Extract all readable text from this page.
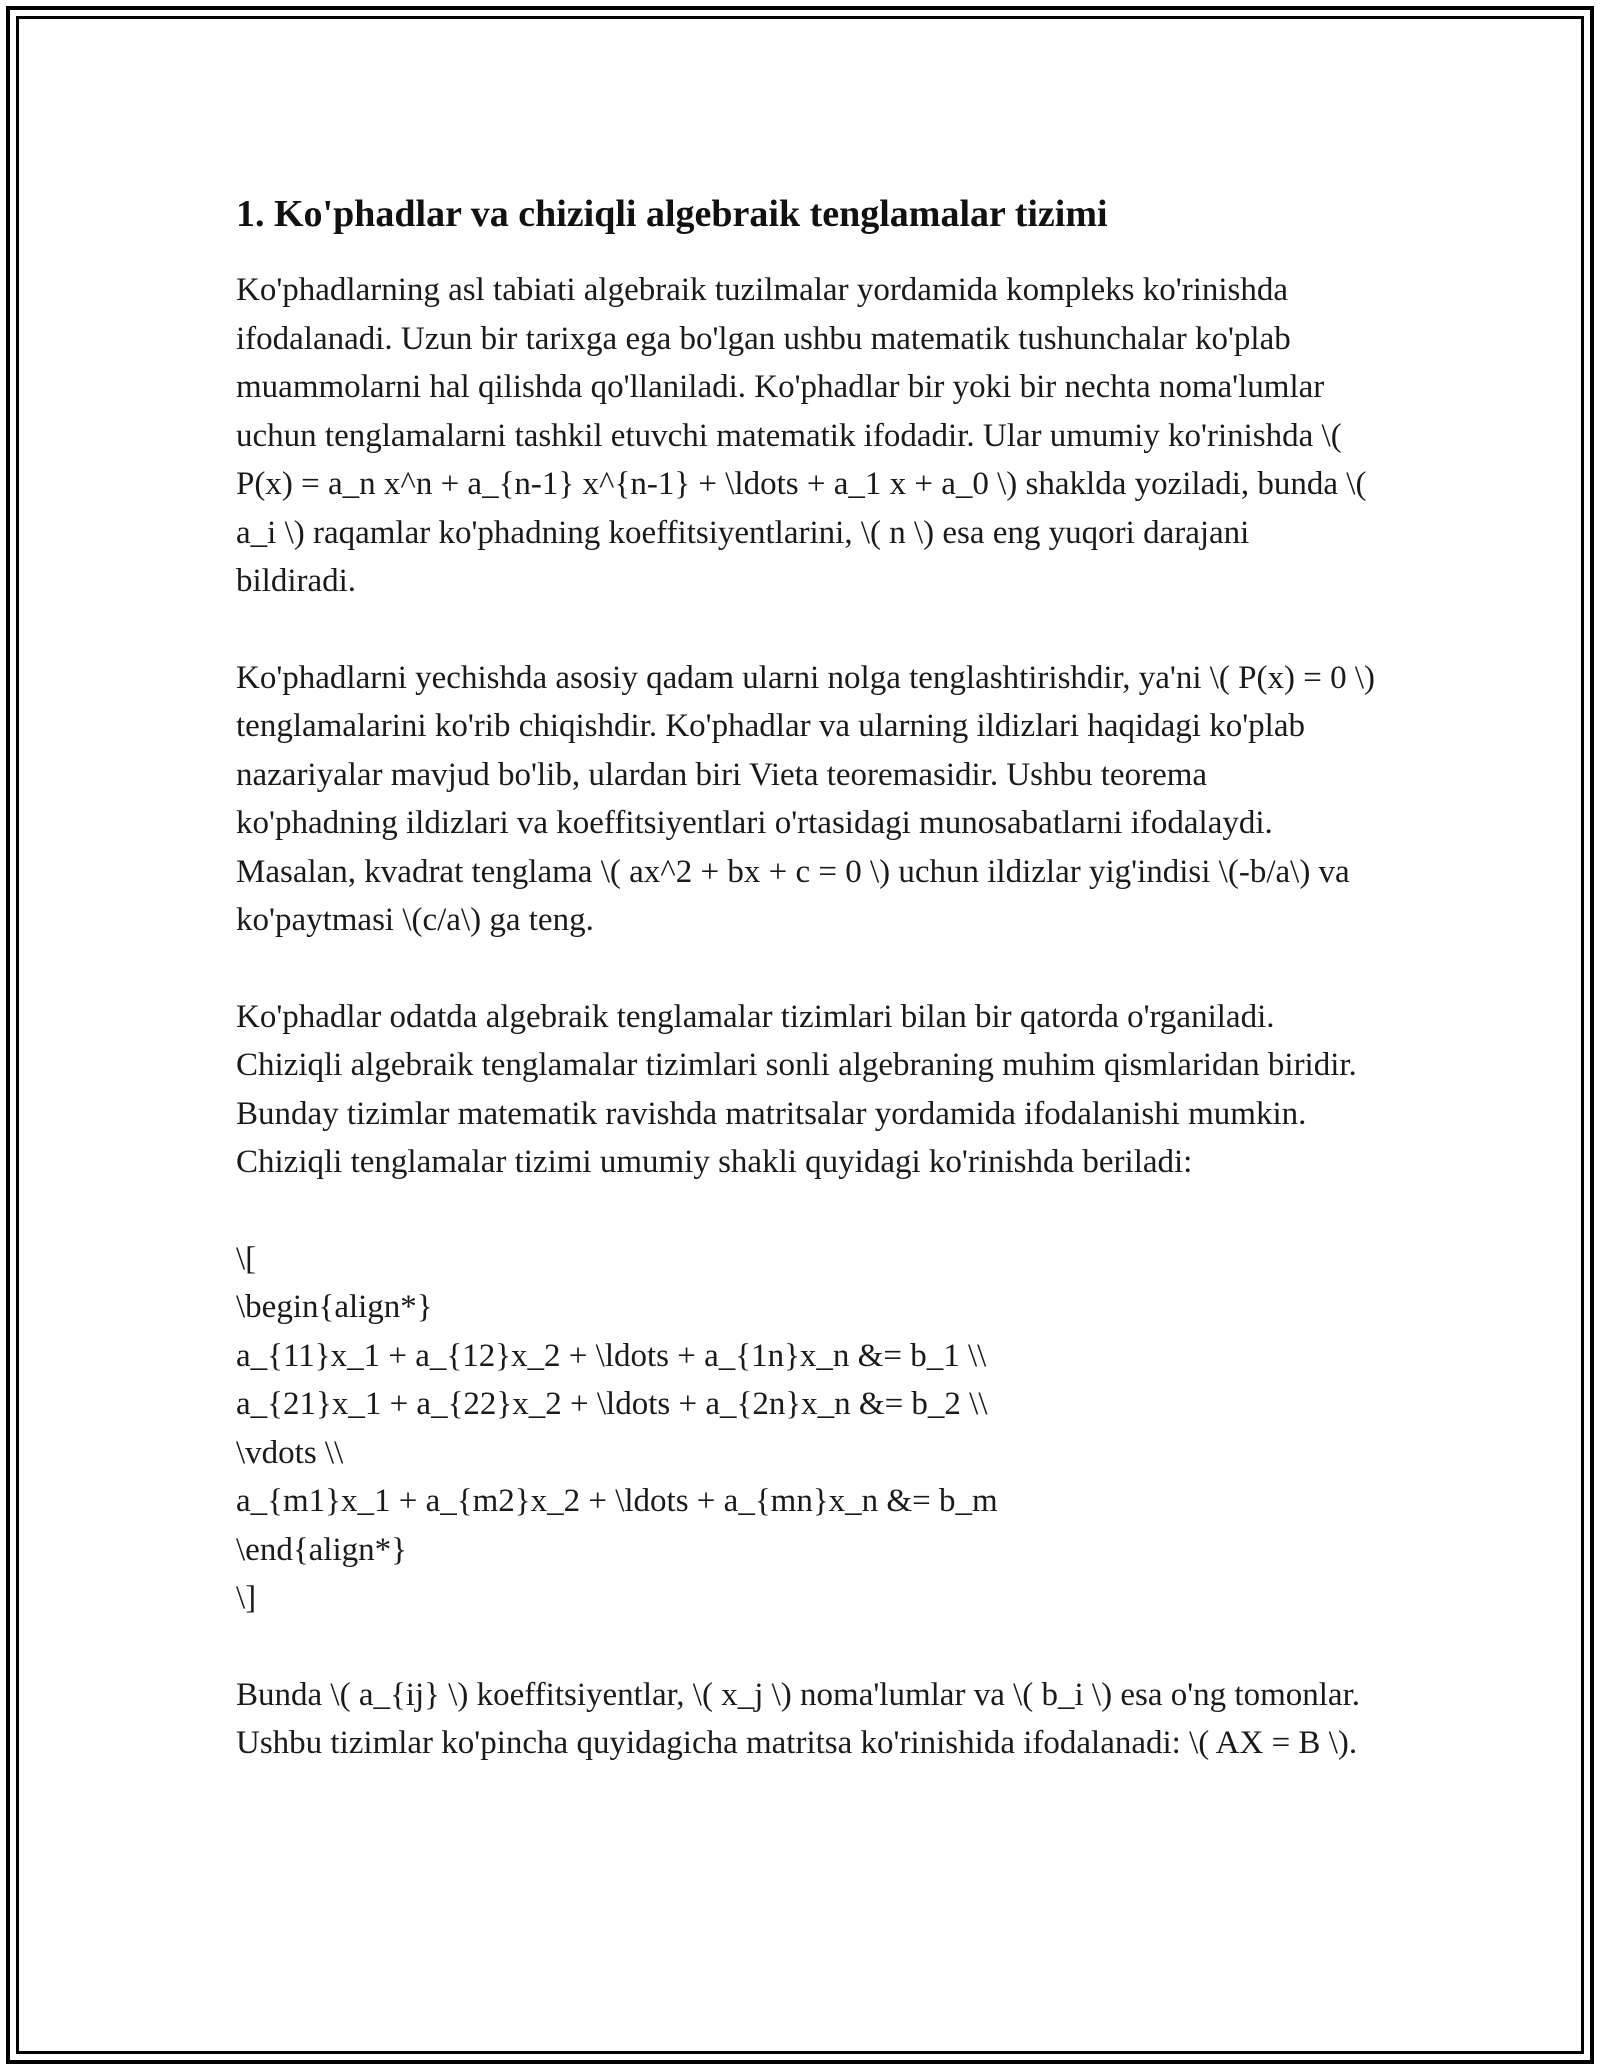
1. Ko'phadlar va chiziqli algebraik tenglamalar tizimi

Ko'phadlarning asl tabiati algebraik tuzilmalar yordamida kompleks ko'rinishda ifodalanadi. Uzun bir tarixga ega bo'lgan ushbu matematik tushunchalar ko'plab muammolarni hal qilishda qo'llaniladi. Ko'phadlar bir yoki bir nechta noma'lumlar uchun tenglamalarni tashkil etuvchi matematik ifodadir. Ular umumiy ko'rinishda \( P(x) = a_n x^n + a_{n-1} x^{n-1} + \ldots + a_1 x + a_0 \) shaklda yoziladi, bunda \( a_i \) raqamlar ko'phadning koeffitsiyentlarini, \( n \) esa eng yuqori darajani bildiradi.

Ko'phadlarni yechishda asosiy qadam ularni nolga tenglashtirishdir, ya'ni \( P(x) = 0 \) tenglamalarini ko'rib chiqishdir. Ko'phadlar va ularning ildizlari haqidagi ko'plab nazariyalar mavjud bo'lib, ulardan biri Vieta teoremasidir. Ushbu teorema ko'phadning ildizlari va koeffitsiyentlari o'rtasidagi munosabatlarni ifodalaydi. Masalan, kvadrat tenglama \( ax^2 + bx + c = 0 \) uchun ildizlar yig'indisi \(-b/a\) va ko'paytmasi \(c/a\) ga teng.

Ko'phadlar odatda algebraik tenglamalar tizimlari bilan bir qatorda o'rganiladi. Chiziqli algebraik tenglamalar tizimlari sonli algebraning muhim qismlaridan biridir. Bunday tizimlar matematik ravishda matritsalar yordamida ifodalanishi mumkin. Chiziqli tenglamalar tizimi umumiy shakli quyidagi ko'rinishda beriladi:

\[
\begin{align*}
a_{11}x_1 + a_{12}x_2 + \ldots + a_{1n}x_n &= b_1 \\
a_{21}x_1 + a_{22}x_2 + \ldots + a_{2n}x_n &= b_2 \\
\vdots \\
a_{m1}x_1 + a_{m2}x_2 + \ldots + a_{mn}x_n &= b_m
\end{align*}
\]

Bunda \( a_{ij} \) koeffitsiyentlar, \( x_j \) noma'lumlar va \( b_i \) esa o'ng tomonlar. Ushbu tizimlar ko'pincha quyidagicha matritsa ko'rinishida ifodalanadi: \( AX = B \).
